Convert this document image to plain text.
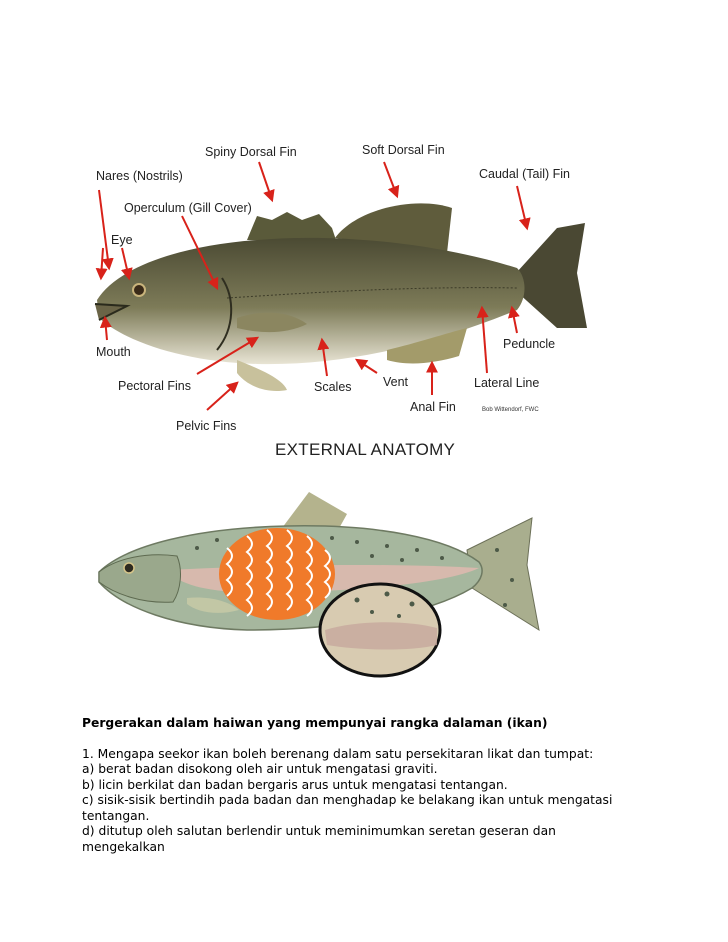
Spiny Dorsal Fin	Soft Dorsal Fin
Nares (Nostrils)	Caudal (Tail) Fin
Operculum (Gill Cover)
Eye
Mouth
Peduncle
Pectoral Fins	Scales	Vent	Lateral Line
Anal Fin	Bob Wittendorf, FWC
Pelvic Fins
EXTERNAL ANATOMY

Pergerakan dalam haiwan yang mempunyai rangka dalaman (ikan)

1. Mengapa seekor ikan boleh berenang dalam satu persekitaran likat dan tumpat:

a) berat badan disokong oleh air untuk mengatasi graviti.

b) licin berkilat dan badan bergaris arus untuk mengatasi tentangan.

c) sisik-sisik bertindih pada badan dan menghadap ke belakang ikan untuk mengatasi

tentangan.

d) ditutup oleh salutan berlendir untuk meminimumkan seretan geseran dan

mengekalkan
